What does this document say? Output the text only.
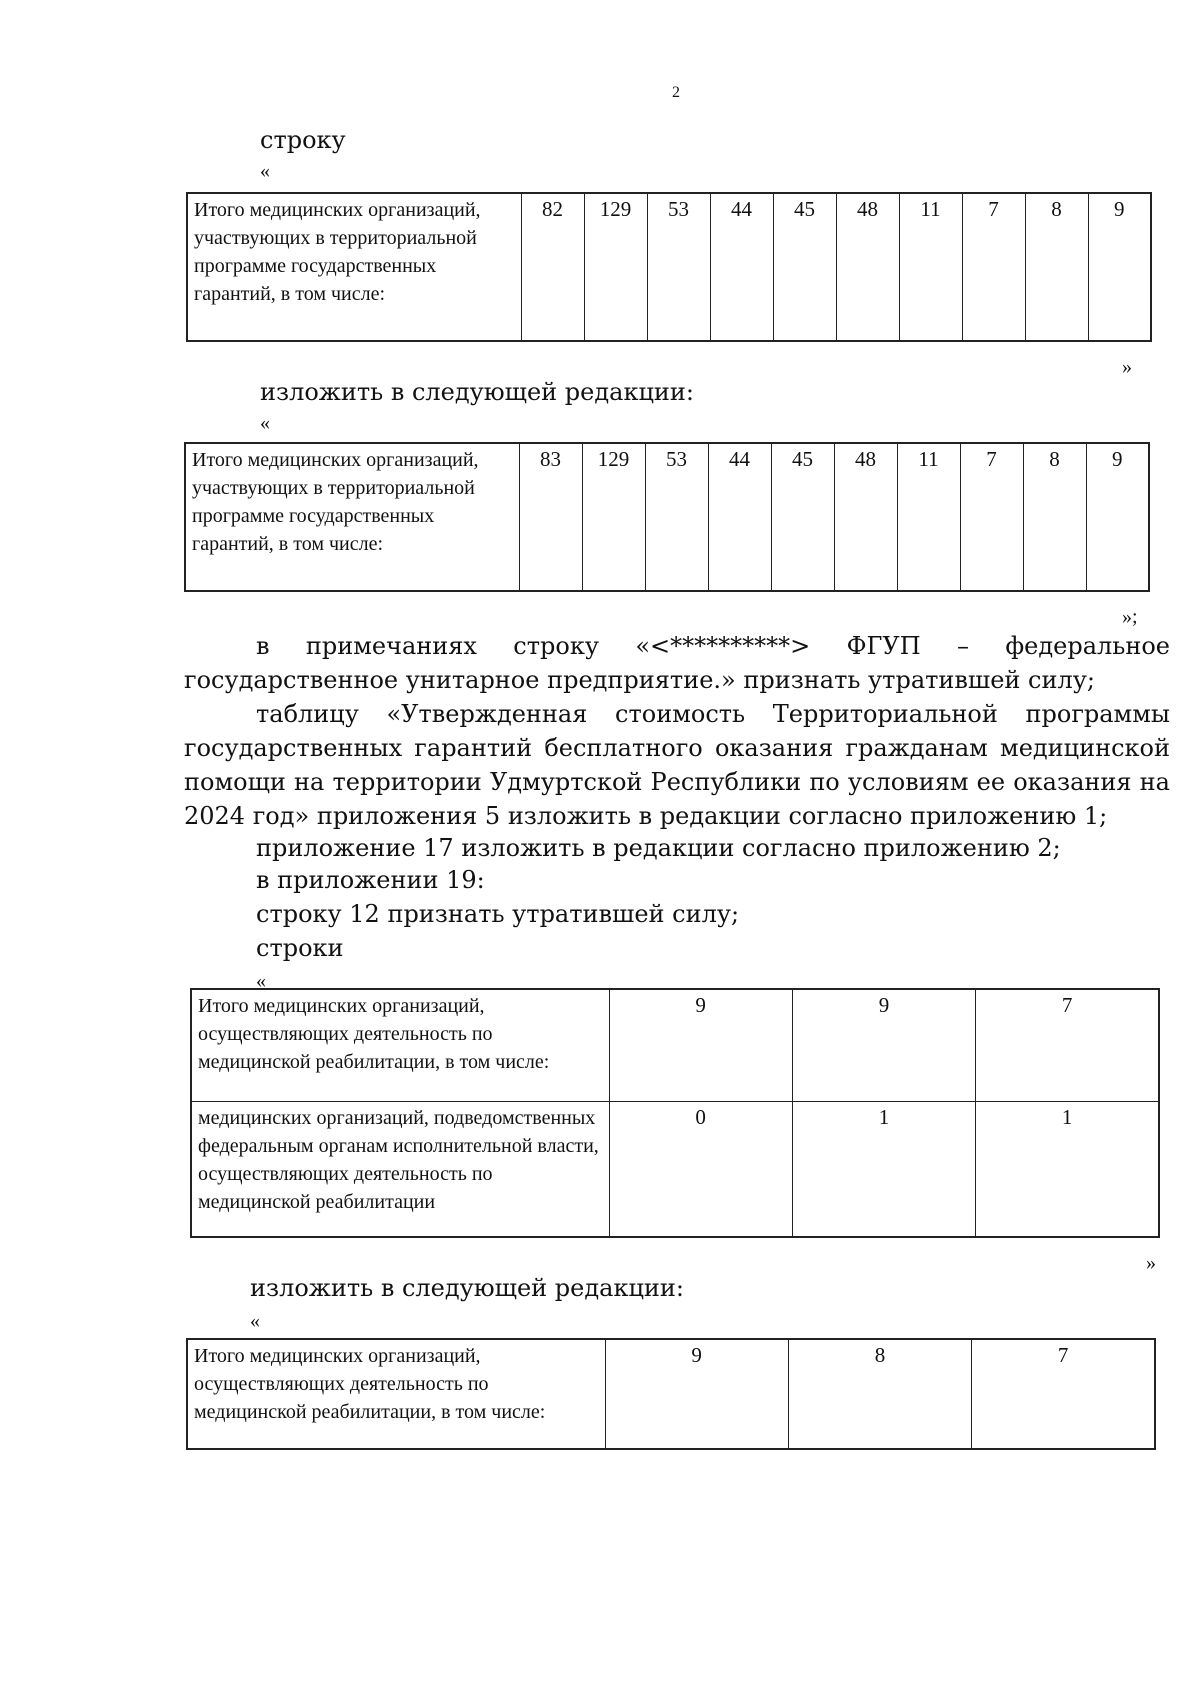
2
строку
«
Итого медицинских организаций, участвующих в территориальной программе государственных гарантий, в том числе:	82	129	53	44	45	48	11	7	8	9
»
изложить в следующей редакции:
«
Итого медицинских организаций, участвующих в территориальной программе государственных гарантий, в том числе:	83	129	53	44	45	48	11	7	8	9
»;
в примечаниях строку «<**********> ФГУП – федеральное
государственное унитарное предприятие.» признать утратившей силу;
таблицу «Утвержденная стоимость Территориальной программы
государственных гарантий бесплатного оказания гражданам медицинской
помощи на территории Удмуртской Республики по условиям ее оказания на
2024 год» приложения 5 изложить в редакции согласно приложению 1;
приложение 17 изложить в редакции согласно приложению 2;
в приложении 19:
строку 12 признать утратившей силу;
строки
«
Итого медицинских организаций, осуществляющих деятельность по медицинской реабилитации, в том числе:	9	9	7
медицинских организаций, подведомственных федеральным органам исполнительной власти, осуществляющих деятельность по медицинской реабилитации	0	1	1
»
изложить в следующей редакции:
«
Итого медицинских организаций, осуществляющих деятельность по медицинской реабилитации, в том числе:	9	8	7
